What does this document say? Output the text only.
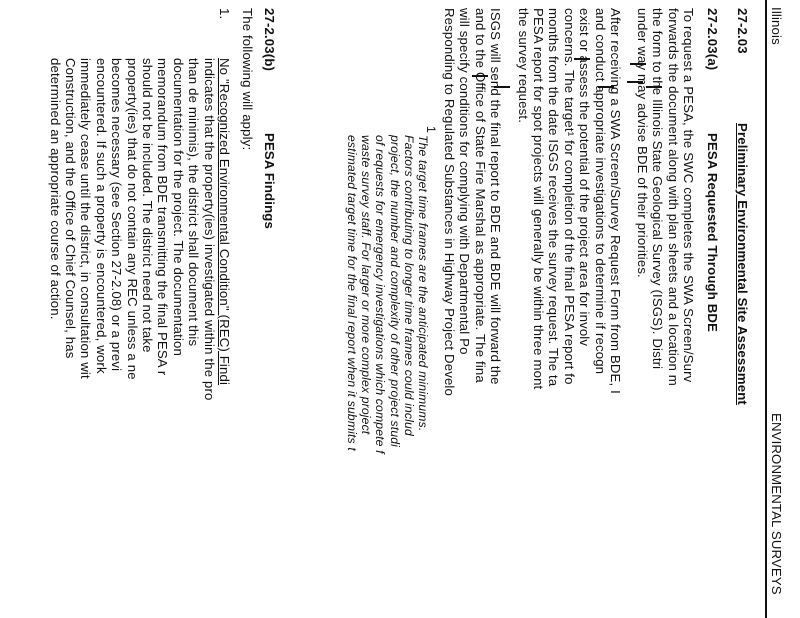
Illinois
ENVIRONMENTAL SURVEYS
27-2.03
Preliminary Environmental Site Assessment
27-2.03(a)
PESA Requested Through BDE
To request a PESA, the SWC completes the SWA Screen/Surv
forwards the document along with plan sheets and a location m
the form to the Illinois State Geological Survey (ISGS). Distri
under way may advise BDE of their priorities.
After receiving a SWA Screen/Survey Request Form from BDE, I
and conduct appropriate investigations to determine if recogn
exist or assess the potential of the project area for involv
concerns. The target¹ for completion of the final PESA report fo
months from the date ISGS receives the survey request. The ta
PESA report for spot projects will generally be within three mont
the survey request.
ISGS will send the final report to BDE and BDE will forward the
and to the Office of State Fire Marshal as appropriate. The fina
will specify conditions for complying with Departmental Po
Responding to Regulated Substances in Highway Project Develo
1
The target time frames are the anticipated minimums.
Factors contributing to longer time frames could includ
project, the number and complexity of other project studi
of requests for emergency investigations which compete f
waste survey staff. For larger or more complex project
estimated target time for the final report when it submits t
27-2.03(b)
PESA Findings
The following will apply:
1.
No "Recognized Environmental Condition" (REC) Findi
indicates that the property(ies) investigated within the pro
than de minimis), the district shall document this
documentation for the project. The documentation
memorandum from BDE transmitting the final PESA r
should not be included. The district need not take
property(ies) that do not contain any REC unless a ne
becomes necessary (see Section 27-2.08) or a previ
encountered. If such a property is encountered, work
immediately cease until the district, in consultation wit
Construction, and the Office of Chief Counsel, has
determined an appropriate course of action.
